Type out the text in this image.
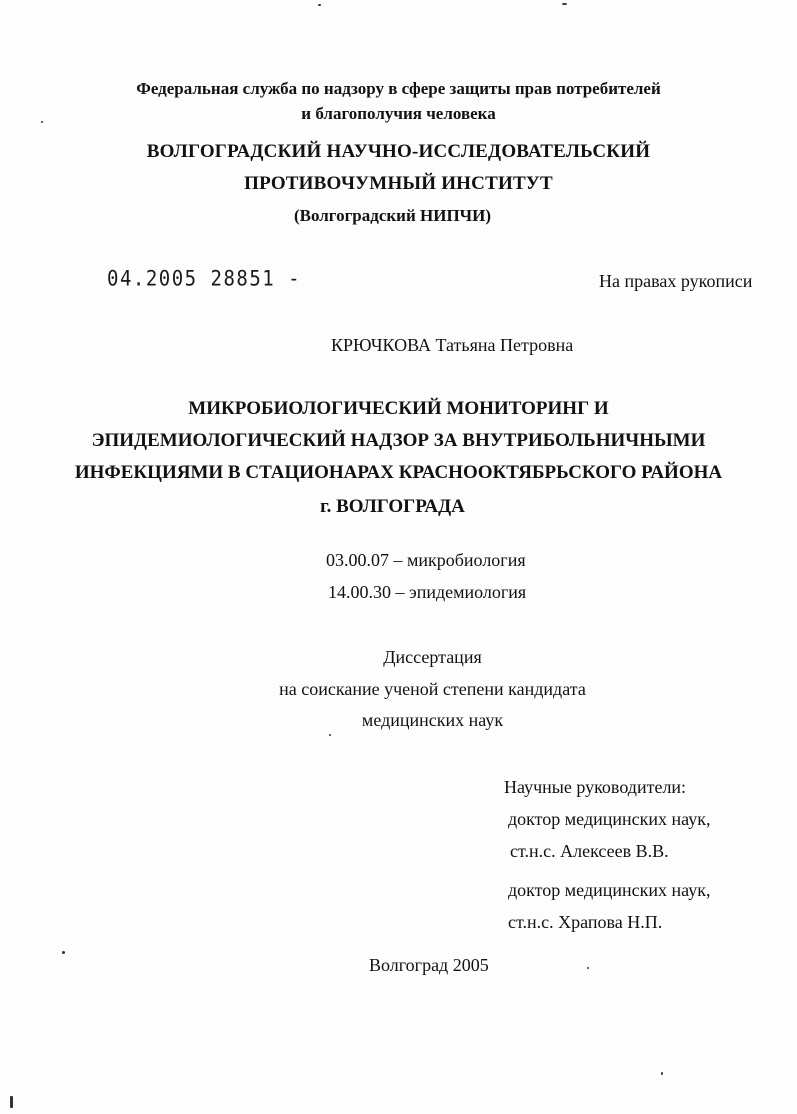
Федеральная служба по надзору в сфере защиты прав потребителей
и благополучия человека
ВОЛГОГРАДСКИЙ НАУЧНО-ИССЛЕДОВАТЕЛЬСКИЙ
ПРОТИВОЧУМНЫЙ ИНСТИТУТ
(Волгоградский НИПЧИ)
04.2005 28851 -	На правах рукописи
КРЮЧКОВА Татьяна Петровна
МИКРОБИОЛОГИЧЕСКИЙ МОНИТОРИНГ И
ЭПИДЕМИОЛОГИЧЕСКИЙ НАДЗОР ЗА ВНУТРИБОЛЬНИЧНЫМИ
ИНФЕКЦИЯМИ В СТАЦИОНАРАХ КРАСНООКТЯБРЬСКОГО РАЙОНА
г. ВОЛГОГРАДА
03.00.07 – микробиология
14.00.30 – эпидемиология
Диссертация
на соискание ученой степени кандидата
медицинских наук
Научные руководители:
доктор медицинских наук,
ст.н.с. Алексеев В.В.
доктор медицинских наук,
ст.н.с. Храпова Н.П.
Волгоград 2005
